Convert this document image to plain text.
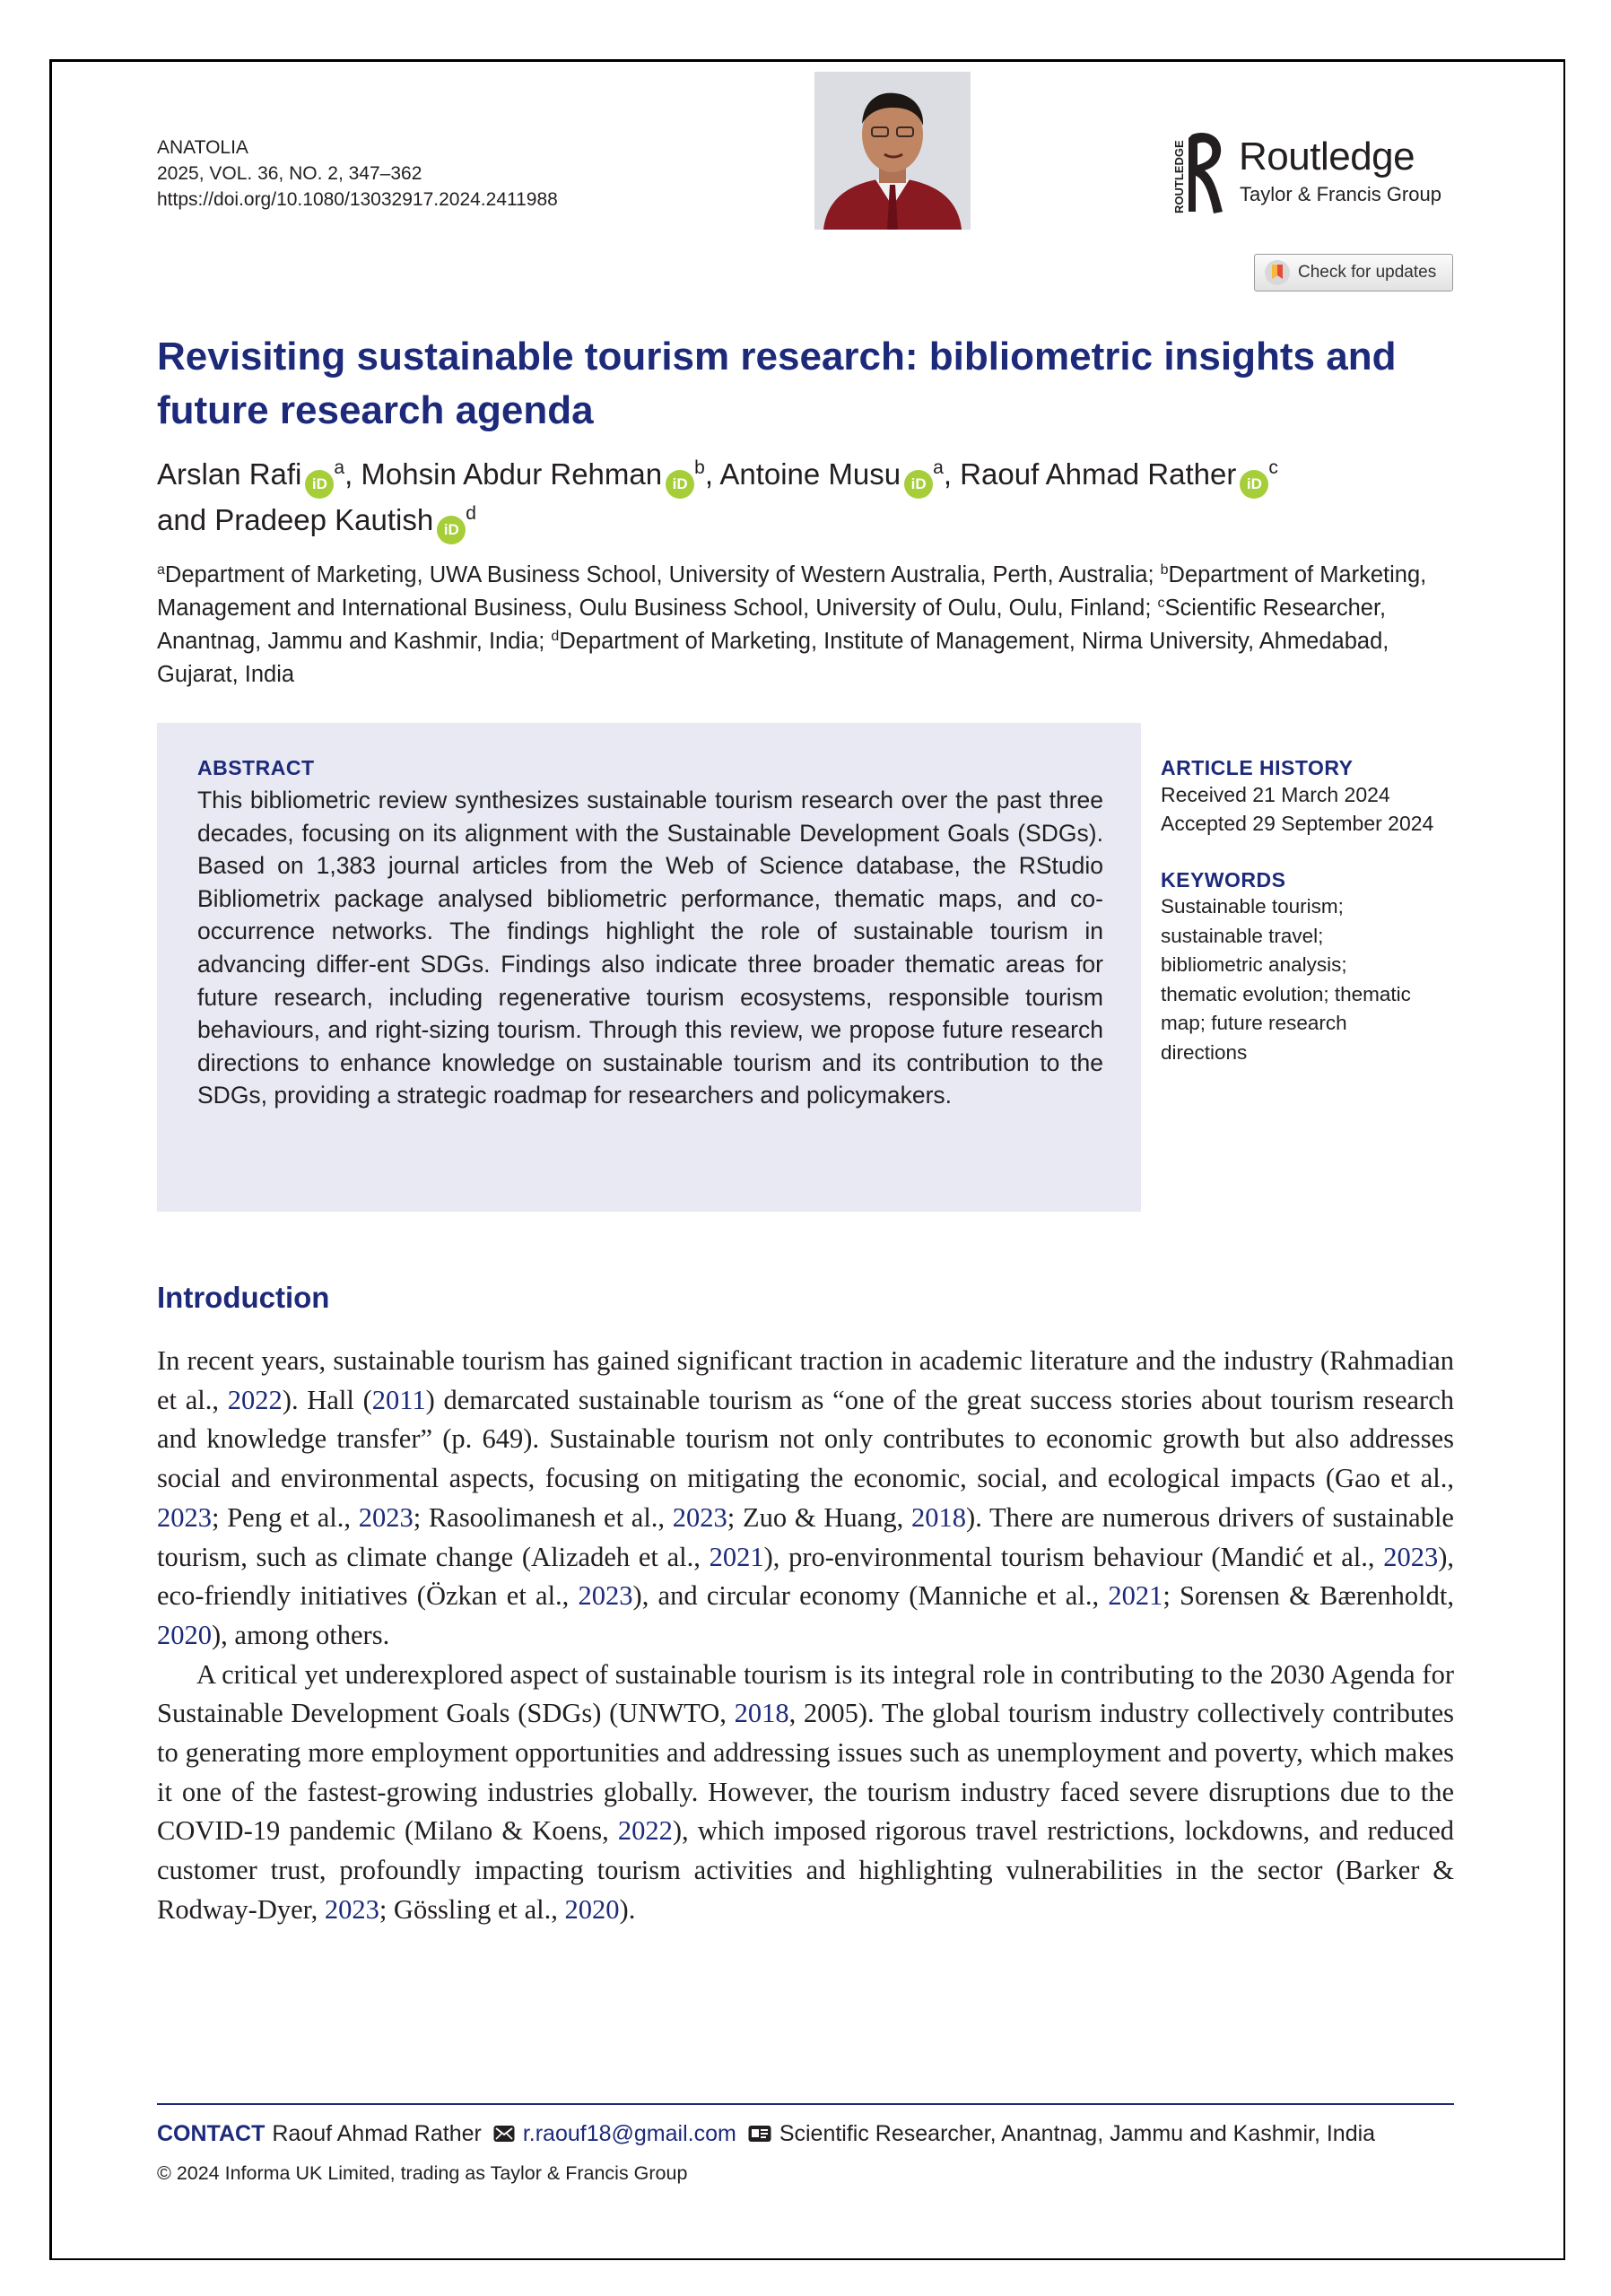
ANATOLIA
2025, VOL. 36, NO. 2, 347–362
https://doi.org/10.1080/13032917.2024.2411988	ROUTLEDGE Routledge
Taylor & Francis Group
Check for updates
Revisiting sustainable tourism research: bibliometric insights and future research agenda
Arslan Rafi $iD^a$, Mohsin Abdur Rehman $iD^b$, Antoine Musu $iD^a$, Raouf Ahmad Rather $iD^c$
and Pradeep Kautish $iD^d$
$^a$Department of Marketing, UWA Business School, University of Western Australia, Perth, Australia; $^b$Department of Marketing, Management and International Business, Oulu Business School, University of Oulu, Oulu, Finland; $^c$Scientific Researcher, Anantnag, Jammu and Kashmir, India; $^d$Department of Marketing, Institute of Management, Nirma University, Ahmedabad, Gujarat, India
ABSTRACT
This bibliometric review synthesizes sustainable tourism research over the past three decades, focusing on its alignment with the Sustainable Development Goals (SDGs). Based on 1,383 journal articles from the Web of Science database, the RStudio Bibliometrix package analysed bibliometric performance, thematic maps, and co-occurrence networks. The findings highlight the role of sustainable tourism in advancing differ-ent SDGs. Findings also indicate three broader thematic areas for future research, including regenerative tourism ecosystems, responsible tourism behaviours, and right-sizing tourism. Through this review, we propose future research directions to enhance knowledge on sustainable tourism and its contribution to the SDGs, providing a strategic roadmap for researchers and policymakers.
ARTICLE HISTORY
Received 21 March 2024
Accepted 29 September 2024
KEYWORDS
Sustainable tourism;
sustainable travel;
bibliometric analysis;
thematic evolution; thematic
map; future research
directions
Introduction

In recent years, sustainable tourism has gained significant traction in academic literature and the industry (Rahmadian et al., 2022). Hall (2011) demarcated sustainable tourism as “one of the great success stories about tourism research and knowledge transfer” (p. 649). Sustainable tourism not only contributes to economic growth but also addresses social and environmental aspects, focusing on mitigating the economic, social, and ecological impacts (Gao et al., 2023; Peng et al., 2023; Rasoolimanesh et al., 2023; Zuo & Huang, 2018). There are numerous drivers of sustainable tourism, such as climate change (Alizadeh et al., 2021), pro-environmental tourism behaviour (Mandić et al., 2023), eco-friendly initiatives (Özkan et al., 2023), and circular economy (Manniche et al., 2021; Sorensen & Bærenholdt, 2020), among others.

A critical yet underexplored aspect of sustainable tourism is its integral role in contributing to the 2030 Agenda for Sustainable Development Goals (SDGs) (UNWTO, 2018, 2005). The global tourism industry collectively contributes to generating more employment opportunities and addressing issues such as unemployment and poverty, which makes it one of the fastest-growing industries globally. However, the tourism industry faced severe disruptions due to the COVID-19 pandemic (Milano & Koens, 2022), which imposed rigorous travel restrictions, lockdowns, and reduced customer trust, profoundly impacting tourism activities and highlighting vulnerabilities in the sector (Barker & Rodway-Dyer, 2023; Gössling et al., 2020).

CONTACT Raouf Ahmad Rather r.raouf18@gmail.com Scientific Researcher, Anantnag, Jammu and Kashmir, India
© 2024 Informa UK Limited, trading as Taylor & Francis Group
